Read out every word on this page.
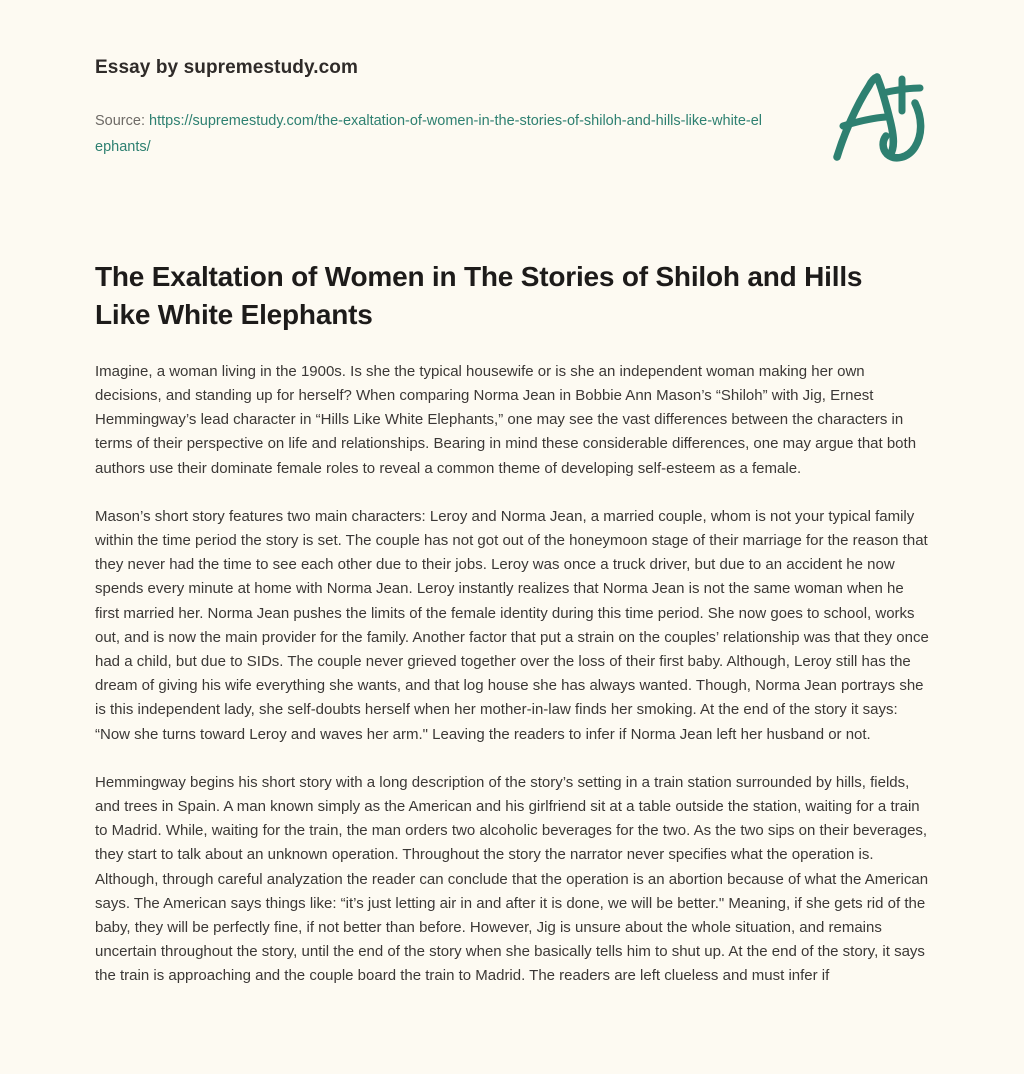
Essay by supremestudy.com
Source: https://supremestudy.com/the-exaltation-of-women-in-the-stories-of-shiloh-and-hills-like-white-elephants/
The Exaltation of Women in The Stories of Shiloh and Hills Like White Elephants

Imagine, a woman living in the 1900s. Is she the typical housewife or is she an independent woman making her own decisions, and standing up for herself? When comparing Norma Jean in Bobbie Ann Mason’s “Shiloh” with Jig, Ernest Hemmingway’s lead character in “Hills Like White Elephants,” one may see the vast differences between the characters in terms of their perspective on life and relationships. Bearing in mind these considerable differences, one may argue that both authors use their dominate female roles to reveal a common theme of developing self-esteem as a female.

Mason’s short story features two main characters: Leroy and Norma Jean, a married couple, whom is not your typical family within the time period the story is set. The couple has not got out of the honeymoon stage of their marriage for the reason that they never had the time to see each other due to their jobs. Leroy was once a truck driver, but due to an accident he now spends every minute at home with Norma Jean. Leroy instantly realizes that Norma Jean is not the same woman when he first married her. Norma Jean pushes the limits of the female identity during this time period. She now goes to school, works out, and is now the main provider for the family. Another factor that put a strain on the couples’ relationship was that they once had a child, but due to SIDs. The couple never grieved together over the loss of their first baby. Although, Leroy still has the dream of giving his wife everything she wants, and that log house she has always wanted. Though, Norma Jean portrays she is this independent lady, she self-doubts herself when her mother-in-law finds her smoking. At the end of the story it says: “Now she turns toward Leroy and waves her arm." Leaving the readers to infer if Norma Jean left her husband or not.

Hemmingway begins his short story with a long description of the story’s setting in a train station surrounded by hills, fields, and trees in Spain. A man known simply as the American and his girlfriend sit at a table outside the station, waiting for a train to Madrid. While, waiting for the train, the man orders two alcoholic beverages for the two. As the two sips on their beverages, they start to talk about an unknown operation. Throughout the story the narrator never specifies what the operation is. Although, through careful analyzation the reader can conclude that the operation is an abortion because of what the American says. The American says things like: “it’s just letting air in and after it is done, we will be better." Meaning, if she gets rid of the baby, they will be perfectly fine, if not better than before. However, Jig is unsure about the whole situation, and remains uncertain throughout the story, until the end of the story when she basically tells him to shut up. At the end of the story, it says the train is approaching and the couple board the train to Madrid. The readers are left clueless and must infer if
